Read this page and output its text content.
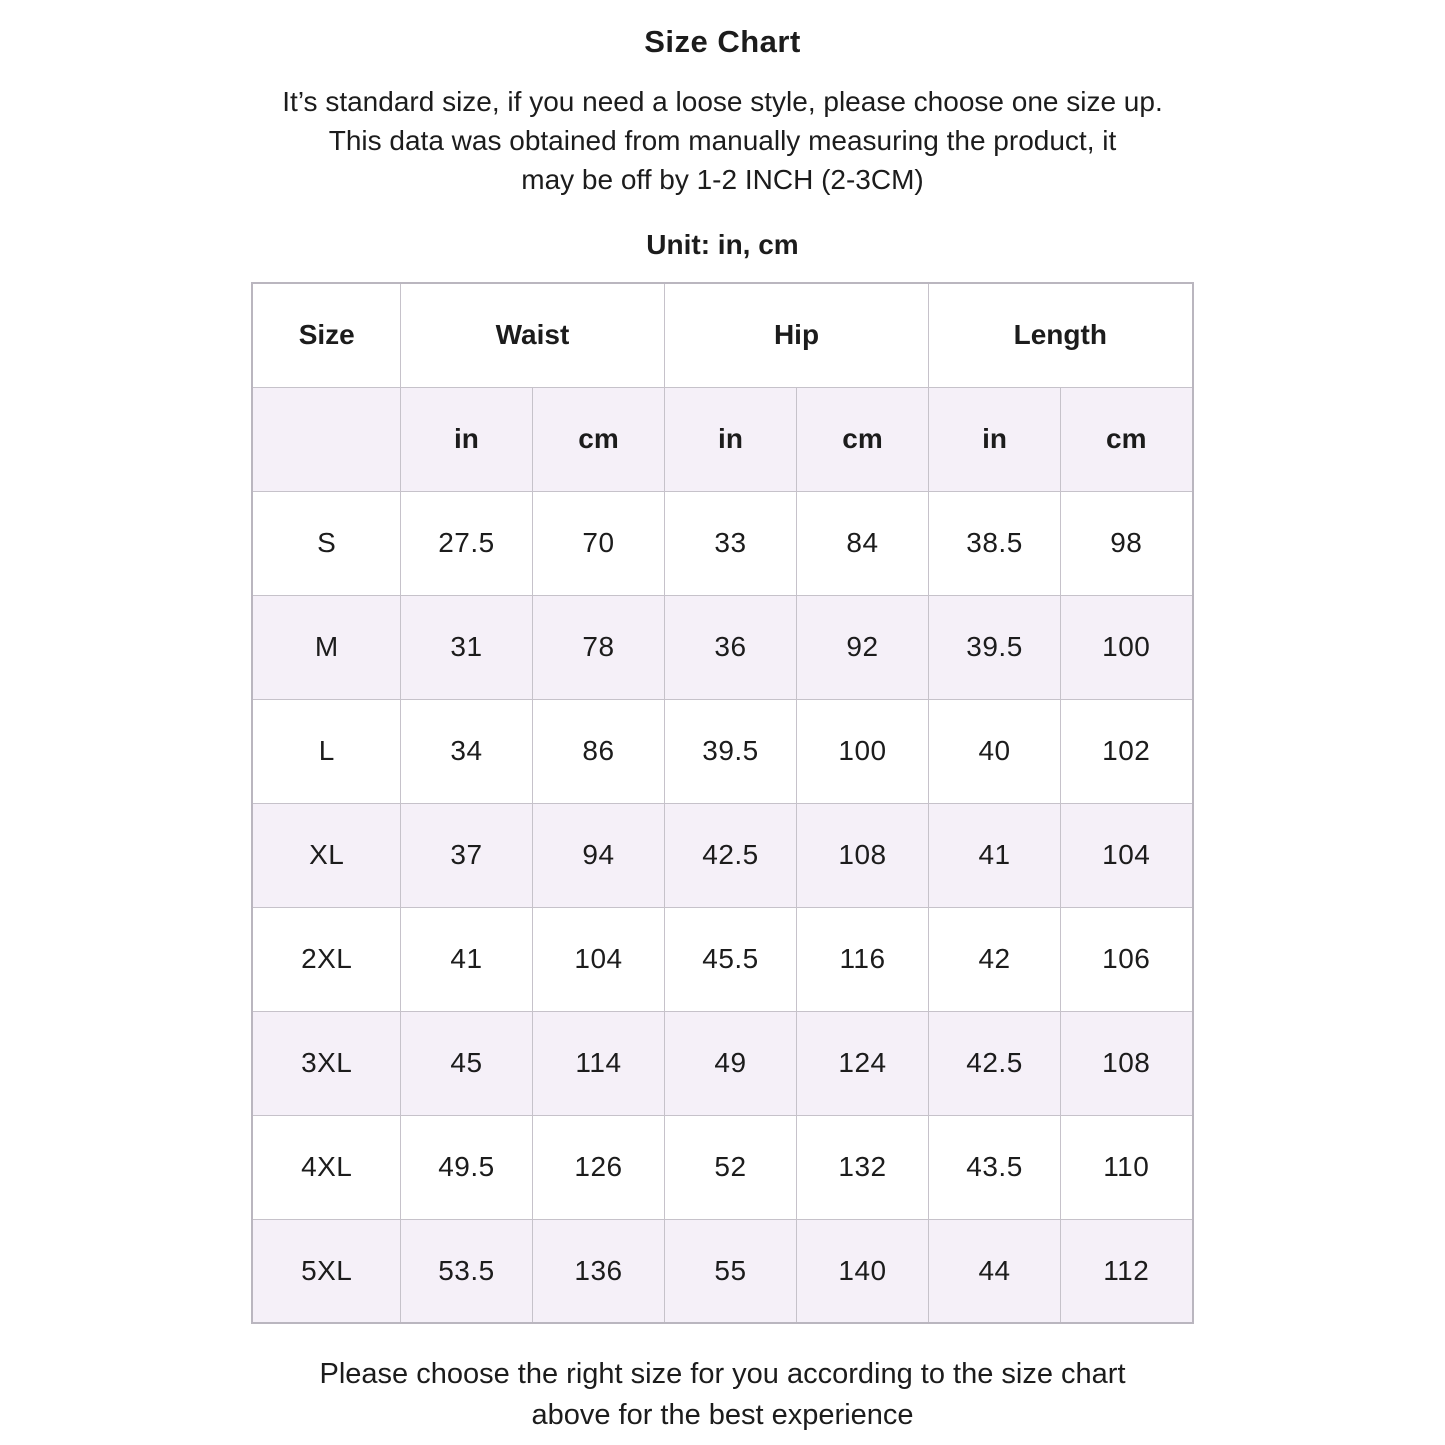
Size Chart
It’s standard size, if you need a loose style, please choose one size up.
This data was obtained from manually measuring the product, it
may be off by 1-2 INCH (2-3CM)
Unit: in, cm
Size	Waist		Hip		Length	
	in	cm	in	cm	in	cm
S	27.5	70	33	84	38.5	98
M	31	78	36	92	39.5	100
L	34	86	39.5	100	40	102
XL	37	94	42.5	108	41	104
2XL	41	104	45.5	116	42	106
3XL	45	114	49	124	42.5	108
4XL	49.5	126	52	132	43.5	110
5XL	53.5	136	55	140	44	112
Please choose the right size for you according to the size chart
above for the best experience
